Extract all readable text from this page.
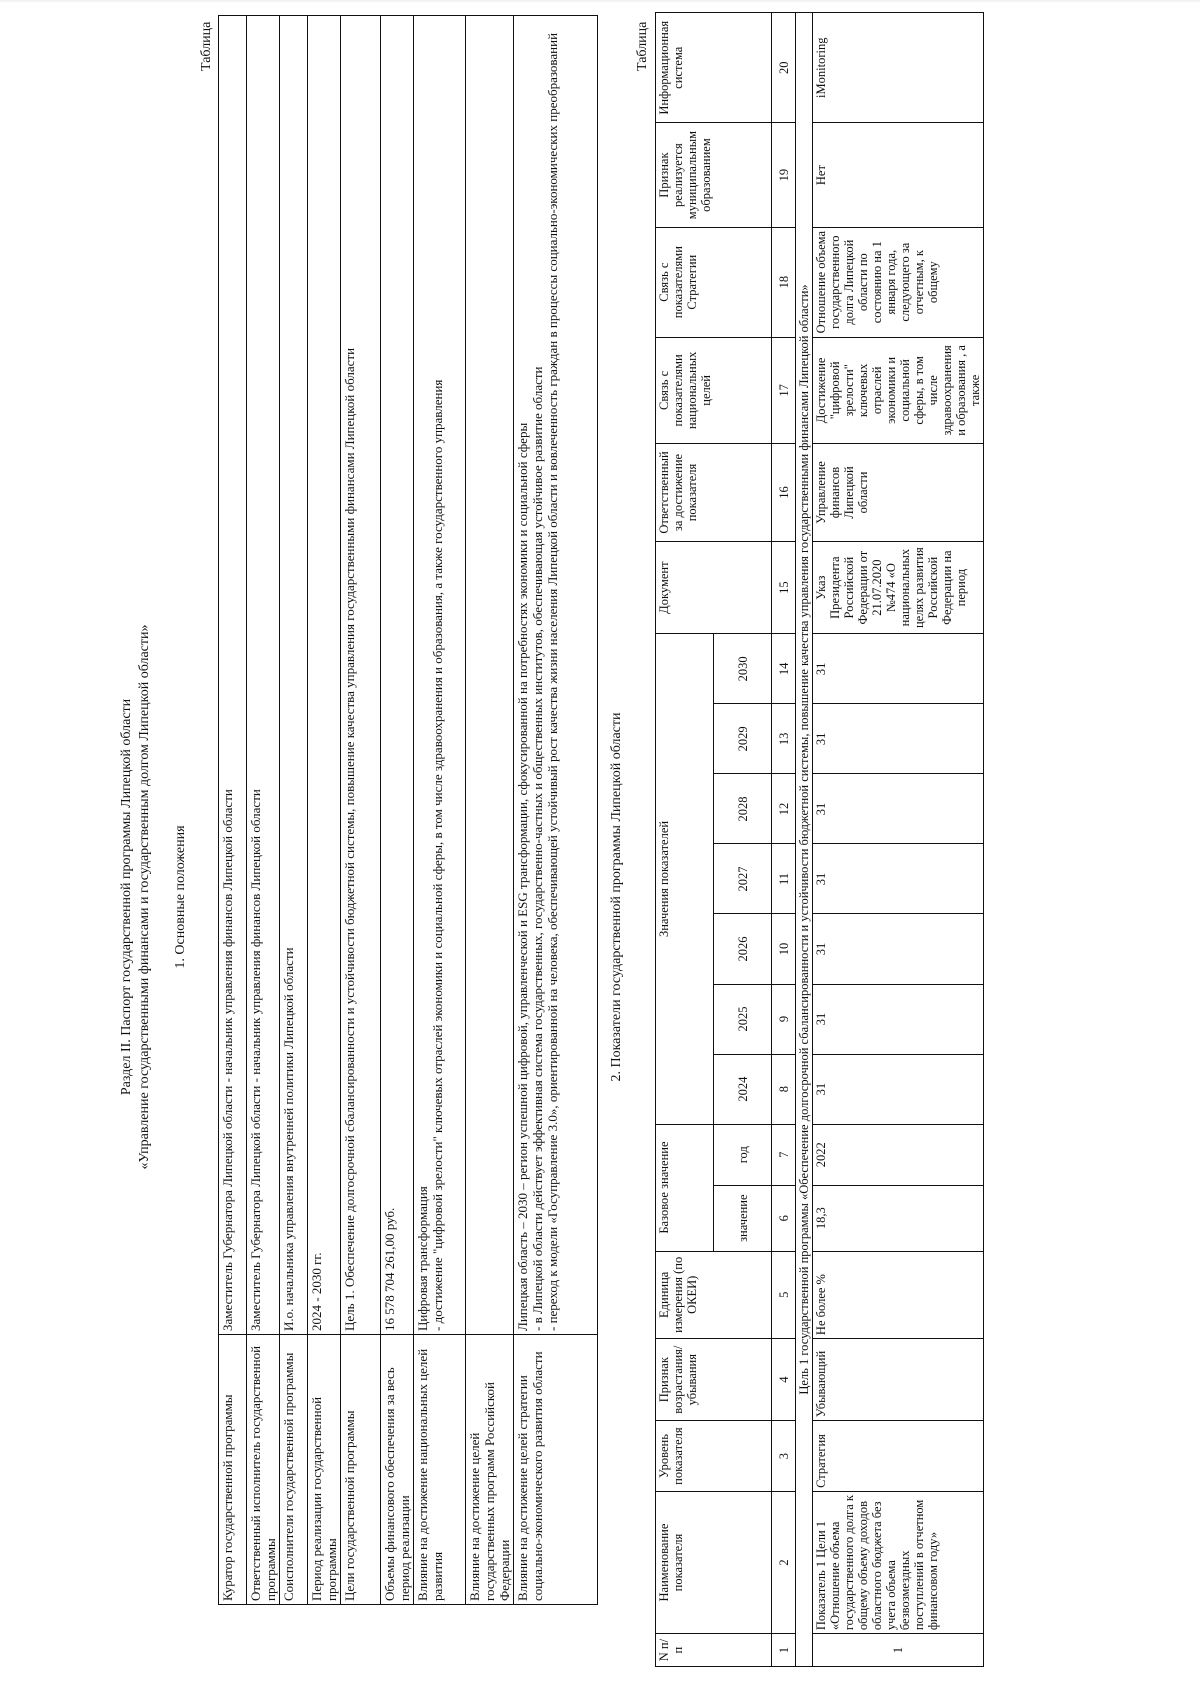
Раздел II. Паспорт государственной программы Липецкой области «Управление государственными финансами и государственным долгом Липецкой области» 1. Основные положения
Таблица
Куратор государственной программы	Заместитель Губернатора Липецкой области - начальник управления финансов Липецкой области
Ответственный исполнитель государственной программы	Заместитель Губернатора Липецкой области - начальник управления финансов Липецкой области
Соисполнители государственной программы	И.о. начальника управления внутренней политики Липецкой области
Период реализации государственной программы	2024 - 2030 гг.
Цели государственной программы	Цель 1. Обеспечение долгосрочной сбалансированности и устойчивости бюджетной системы, повышение качества управления государственными финансами Липецкой области
Объемы финансового обеспечения за весь период реализации	16 578 704 261,00 руб.
Влияние на достижение национальных целей развития	Цифровая трансформация
- достижение "цифровой зрелости" ключевых отраслей экономики и социальной сферы, в том числе здравоохранения и образования, а также государственного управления
Влияние на достижение целей государственных программ Российской Федерации	
Влияние на достижение целей стратегии социально-экономического развития области	Липецкая область – 2030 – регион успешной цифровой, управленческой и ESG трансформации, сфокусированной на потребностях экономики и социальной сферы
- в Липецкой области действует эффективная система государственных, государственно-частных и общественных институтов, обеспечивающая устойчивое развитие области
- переход к модели «Госуправление 3.0», ориентированной на человека, обеспечивающей устойчивый рост качества жизни населения Липецкой области и вовлеченность граждан в процессы социально-экономических преобразований
2. Показатели государственной программы Липецкой области
Таблица
N п/п	Наименование показателя	Уровень показателя	Признак возрастания/убывания	Единица измерения (по ОКЕИ)	Базовое значение		Значения показателей							Документ	Ответственный за достижение показателя	Связь с показателями национальных целей	Связь с показателями Стратегии	Признак реализуется муниципальным образованием	Информационная система
					значение	год	2024	2025	2026	2027	2028	2029	2030						
1	2	3	4	5	6	7	8	9	10	11	12	13	14	15	16	17	18	19	20
Цель 1 государственной программы «Обеспечение долгосрочной сбалансированности и устойчивости бюджетной системы, повышение качества управления государственными финансами Липецкой области»																			
1	Показатель 1 Цели 1 «Отношение объема государственного долга к общему объему доходов областного бюджета без учета объема безвозмездных поступлений в отчетном финансовом году»	Стратегия	Убывающий	Не более %	18,3	2022	31	31	31	31	31	31	31	Указ Президента Российской Федерации от 21.07.2020 №474 «О национальных целях развития Российской Федерации на период	Управление финансов Липецкой области	Достижение "цифровой зрелости" ключевых отраслей экономики и социальной сферы, в том числе здравоохранения и образования , а также	Отношение объема государственного долга Липецкой области по состоянию на 1 января года, следующего за отчетным, к общему	Нет	iMonitoring
